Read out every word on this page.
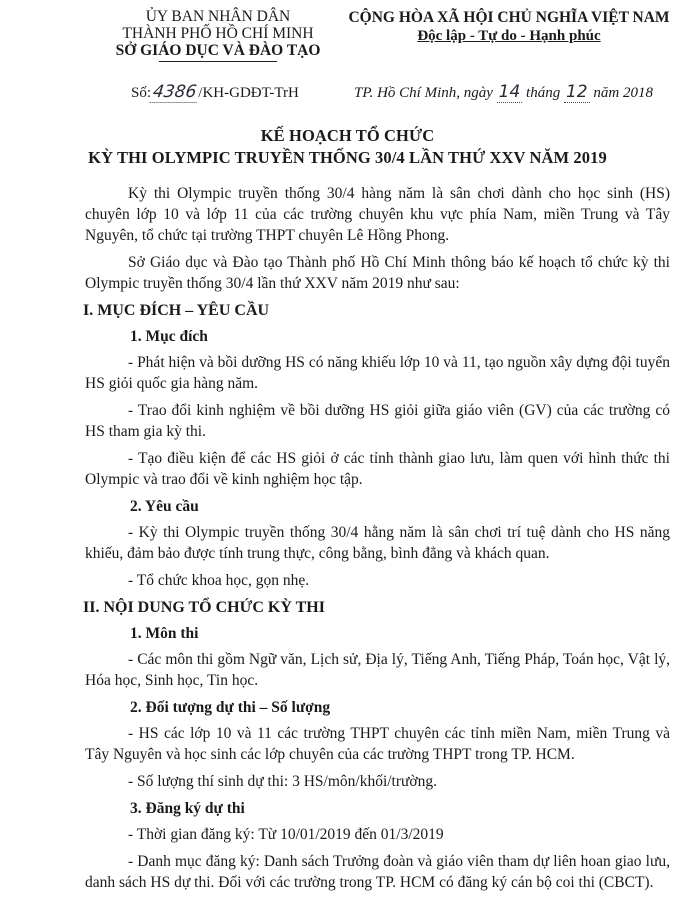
ỦY BAN NHÂN DÂN
THÀNH PHỐ HỒ CHÍ MINH
SỞ GIÁO DỤC VÀ ĐÀO TẠO
CỘNG HÒA XÃ HỘI CHỦ NGHĨA VIỆT NAM
Độc lập - Tự do - Hạnh phúc
Số:4386/KH-GDĐT-TrH	TP. Hồ Chí Minh, ngày 14 tháng 12 năm 2018
KẾ HOẠCH TỔ CHỨC
KỲ THI OLYMPIC TRUYỀN THỐNG 30/4 LẦN THỨ XXV NĂM 2019

Kỳ thi Olympic truyền thống 30/4 hàng năm là sân chơi dành cho học sinh (HS) chuyên lớp 10 và lớp 11 của các trường chuyên khu vực phía Nam, miền Trung và Tây Nguyên, tổ chức tại trường THPT chuyên Lê Hồng Phong.

Sở Giáo dục và Đào tạo Thành phố Hồ Chí Minh thông báo kế hoạch tổ chức kỳ thi Olympic truyền thống 30/4 lần thứ XXV năm 2019 như sau:

I. MỤC ĐÍCH – YÊU CẦU
1. Mục đích

- Phát hiện và bồi dưỡng HS có năng khiếu lớp 10 và 11, tạo nguồn xây dựng đội tuyển HS giỏi quốc gia hàng năm.

- Trao đổi kinh nghiệm về bồi dưỡng HS giỏi giữa giáo viên (GV) của các trường có HS tham gia kỳ thi.

- Tạo điều kiện để các HS giỏi ở các tỉnh thành giao lưu, làm quen với hình thức thi Olympic và trao đổi về kinh nghiệm học tập.

2. Yêu cầu

- Kỳ thi Olympic truyền thống 30/4 hằng năm là sân chơi trí tuệ dành cho HS năng khiếu, đảm bảo được tính trung thực, công bằng, bình đẳng và khách quan.

- Tổ chức khoa học, gọn nhẹ.

II. NỘI DUNG TỔ CHỨC KỲ THI
1. Môn thi

- Các môn thi gồm Ngữ văn, Lịch sử, Địa lý, Tiếng Anh, Tiếng Pháp, Toán học, Vật lý, Hóa học, Sinh học, Tin học.

2. Đối tượng dự thi – Số lượng

- HS các lớp 10 và 11 các trường THPT chuyên các tỉnh miền Nam, miền Trung và Tây Nguyên và học sinh các lớp chuyên của các trường THPT trong TP. HCM.

- Số lượng thí sinh dự thi: 3 HS/môn/khối/trường.

3. Đăng ký dự thi

- Thời gian đăng ký: Từ 10/01/2019 đến 01/3/2019

- Danh mục đăng ký: Danh sách Trưởng đoàn và giáo viên tham dự liên hoan giao lưu, danh sách HS dự thi. Đối với các trường trong TP. HCM có đăng ký cán bộ coi thi (CBCT).
